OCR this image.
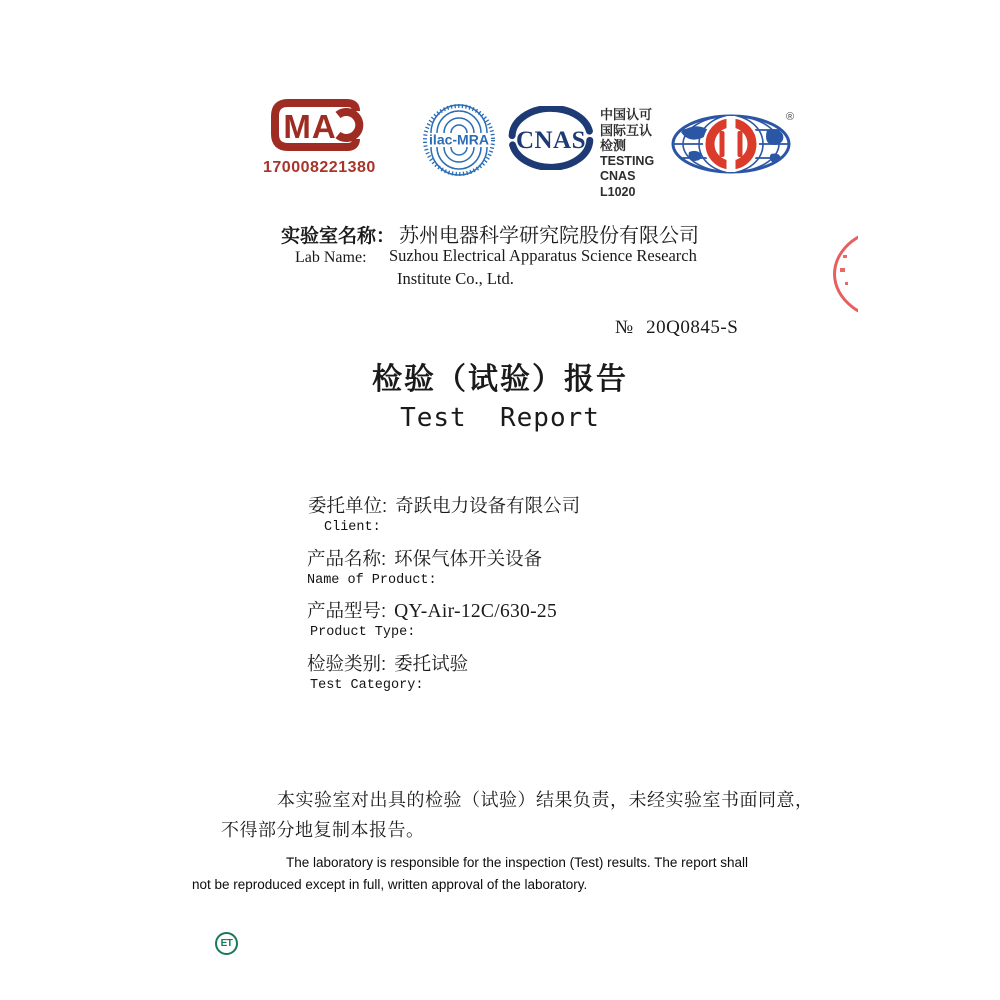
MA
170008221380
ilac-MRA CNAS
中国认可
国际互认
检测
TESTING
CNAS L1020
®
实验室名称： 苏州电器科学研究院股份有限公司
Lab Name: Suzhou Electrical Apparatus Science Research
Institute Co., Ltd.
№ 20Q0845-S
检验（试验）报告
Test  Report
委托单位: 奇跃电力设备有限公司
Client:
产品名称: 环保气体开关设备
Name of Product:
产品型号: QY-Air-12C/630-25
Product Type:
检验类别: 委托试验
Test Category:
本实验室对出具的检验（试验）结果负责，未经实验室书面同意，
不得部分地复制本报告。
The laboratory is responsible for the inspection (Test) results. The report shall
not be reproduced except in full, written approval of the laboratory.
ET
